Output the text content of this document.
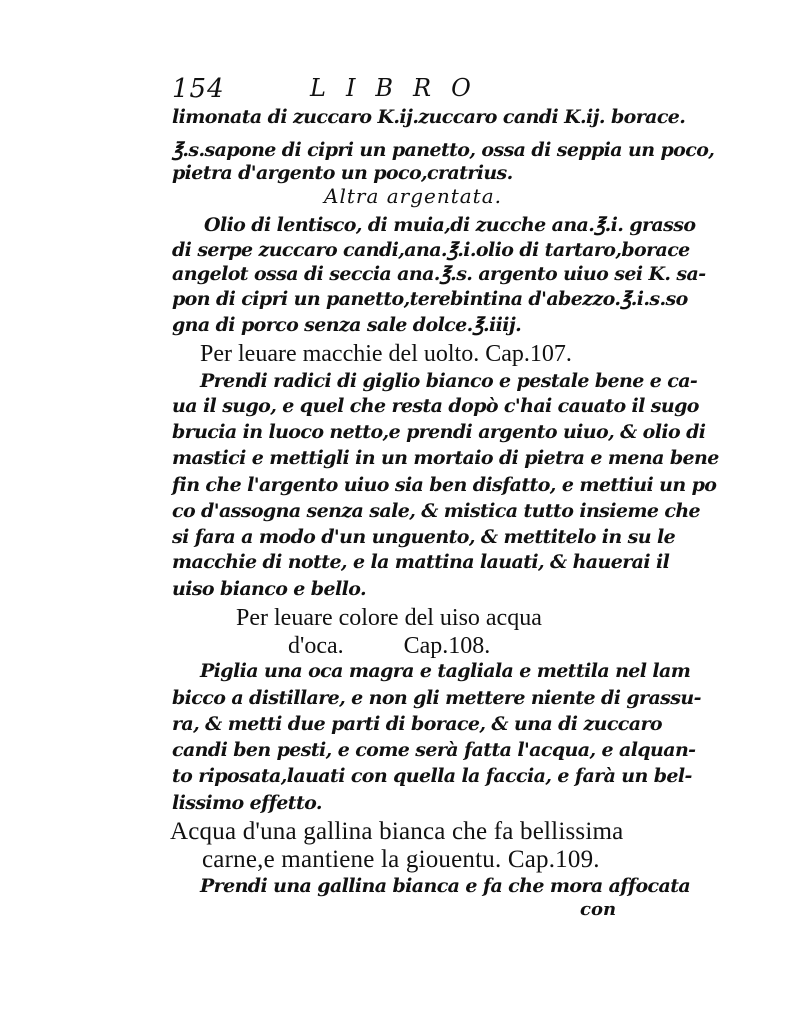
154	LIBRO
limonata di zuccaro K.ij.zuccaro candi K.ij. borace.
℥.s.sapone di cipri un panetto, ossa di seppia un poco,
pietra d'argento un poco,cratrius.
Altra argentata.
Olio di lentisco, di muia,di zucche ana.℥.i. grasso
di serpe zuccaro candi,ana.℥.i.olio di tartaro,borace
angelot ossa di seccia ana.℥.s. argento uiuo sei K. sa-
pon di cipri un panetto,terebintina d'abezzo.℥.i.s.so
gna di porco senza sale dolce.℥.iiij.
Per leuare macchie del uolto. Cap.107.
Prendi radici di giglio bianco e pestale bene e ca-
ua il sugo, e quel che resta dopò c'hai cauato il sugo
brucia in luoco netto,e prendi argento uiuo, & olio di
mastici e mettigli in un mortaio di pietra e mena bene
fin che l'argento uiuo sia ben disfatto, e mettiui un po
co d'assogna senza sale, & mistica tutto insieme che
si fara a modo d'un unguento, & mettitelo in su le
macchie di notte, e la mattina lauati, & hauerai il
uiso bianco e bello.
Per leuare colore del uiso acqua
d'oca.          Cap.108.
Piglia una oca magra e tagliala e mettila nel lam
bicco a distillare, e non gli mettere niente di grassu-
ra, & metti due parti di borace, & una di zuccaro
candi ben pesti, e come serà fatta l'acqua, e alquan-
to riposata,lauati con quella la faccia, e farà un bel-
lissimo effetto.
Acqua d'una gallina bianca che fa bellissima
carne,e mantiene la giouentu. Cap.109.
Prendi una gallina bianca e fa che mora affocata
con
